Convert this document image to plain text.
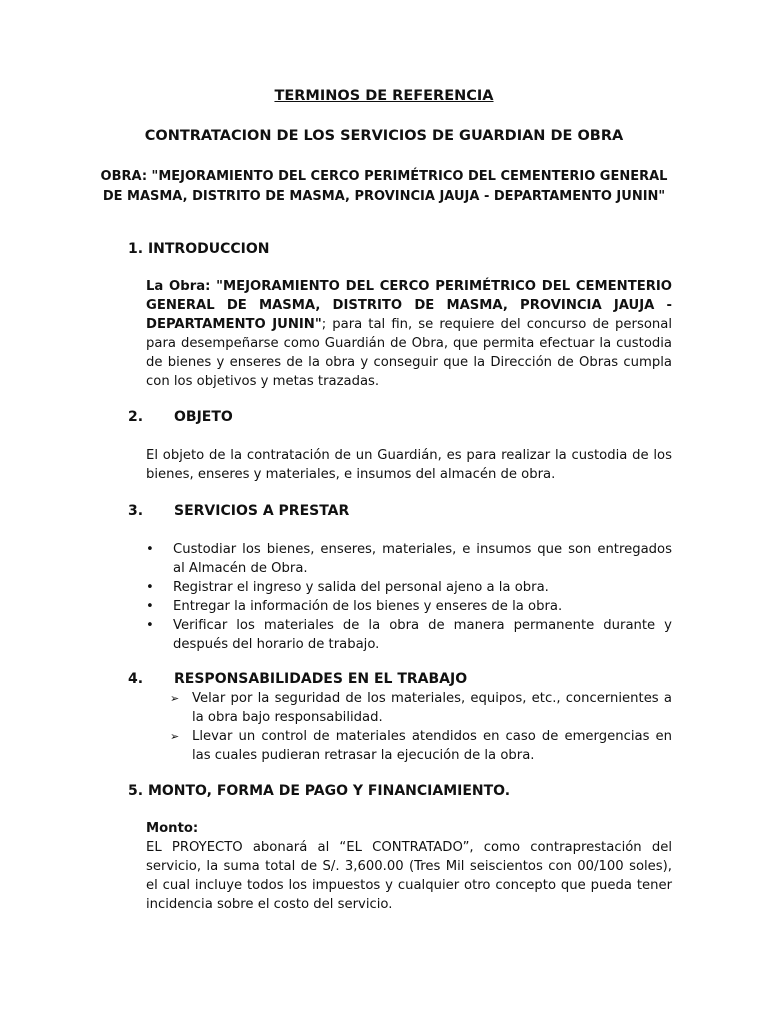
TERMINOS DE REFERENCIA
CONTRATACION DE LOS SERVICIOS DE GUARDIAN DE OBRA
OBRA: "MEJORAMIENTO DEL CERCO PERIMÉTRICO DEL CEMENTERIO GENERAL DE MASMA, DISTRITO DE MASMA, PROVINCIA JAUJA - DEPARTAMENTO JUNIN"
1. INTRODUCCION
La Obra: "MEJORAMIENTO DEL CERCO PERIMÉTRICO DEL CEMENTERIO GENERAL DE MASMA, DISTRITO DE MASMA, PROVINCIA JAUJA - DEPARTAMENTO JUNIN"; para tal fin, se requiere del concurso de personal para desempeñarse como Guardián de Obra, que permita efectuar la custodia de bienes y enseres de la obra y conseguir que la Dirección de Obras cumpla con los objetivos y metas trazadas.
2. OBJETO
El objeto de la contratación de un Guardián, es para realizar la custodia de los bienes, enseres y materiales, e insumos del almacén de obra.
3. SERVICIOS A PRESTAR
• Custodiar los bienes, enseres, materiales, e insumos que son entregados al Almacén de Obra.
• Registrar el ingreso y salida del personal ajeno a la obra.
• Entregar la información de los bienes y enseres de la obra.
• Verificar los materiales de la obra de manera permanente durante y después del horario de trabajo.
4. RESPONSABILIDADES EN EL TRABAJO
➢ Velar por la seguridad de los materiales, equipos, etc., concernientes a la obra bajo responsabilidad.
➢ Llevar un control de materiales atendidos en caso de emergencias en las cuales pudieran retrasar la ejecución de la obra.
5. MONTO, FORMA DE PAGO Y FINANCIAMIENTO.
Monto:
EL PROYECTO abonará al “EL CONTRATADO”, como contraprestación del servicio, la suma total de S/. 3,600.00 (Tres Mil seiscientos con 00/100 soles), el cual incluye todos los impuestos y cualquier otro concepto que pueda tener incidencia sobre el costo del servicio.
